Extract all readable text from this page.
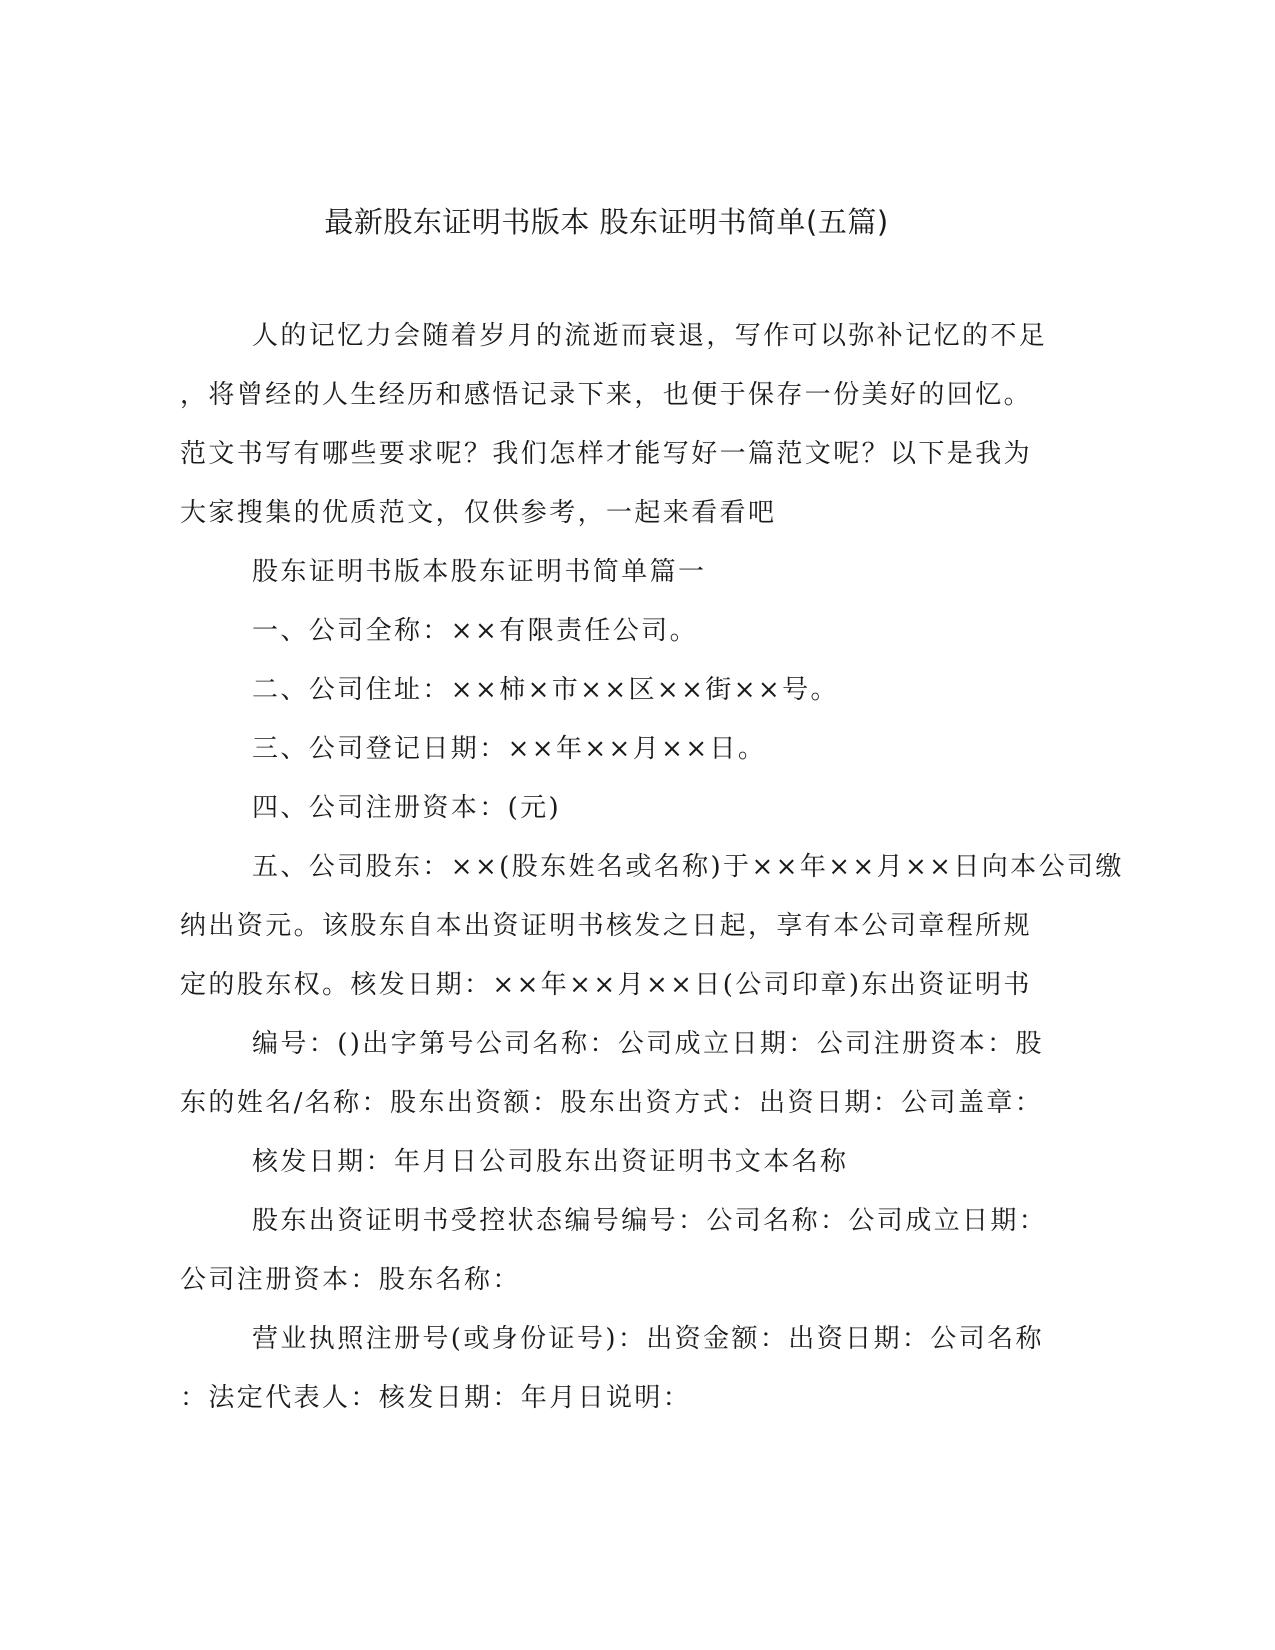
最新股东证明书版本 股东证明书简单(五篇)

人的记忆力会随着岁月的流逝而衰退，写作可以弥补记忆的不足

，将曾经的人生经历和感悟记录下来，也便于保存一份美好的回忆。

范文书写有哪些要求呢？我们怎样才能写好一篇范文呢？以下是我为

大家搜集的优质范文，仅供参考，一起来看看吧

股东证明书版本股东证明书简单篇一

一、公司全称：××有限责任公司。

二、公司住址：××柿×市××区××街××号。

三、公司登记日期：××年××月××日。

四、公司注册资本：(元)

五、公司股东：××(股东姓名或名称)于××年××月××日向本公司缴

纳出资元。该股东自本出资证明书核发之日起，享有本公司章程所规

定的股东权。核发日期：××年××月××日(公司印章)东出资证明书

编号：()出字第号公司名称：公司成立日期：公司注册资本：股

东的姓名/名称：股东出资额：股东出资方式：出资日期：公司盖章：

核发日期：年月日公司股东出资证明书文本名称

股东出资证明书受控状态编号编号：公司名称：公司成立日期：

公司注册资本：股东名称：

营业执照注册号(或身份证号)：出资金额：出资日期：公司名称

：法定代表人：核发日期：年月日说明：
